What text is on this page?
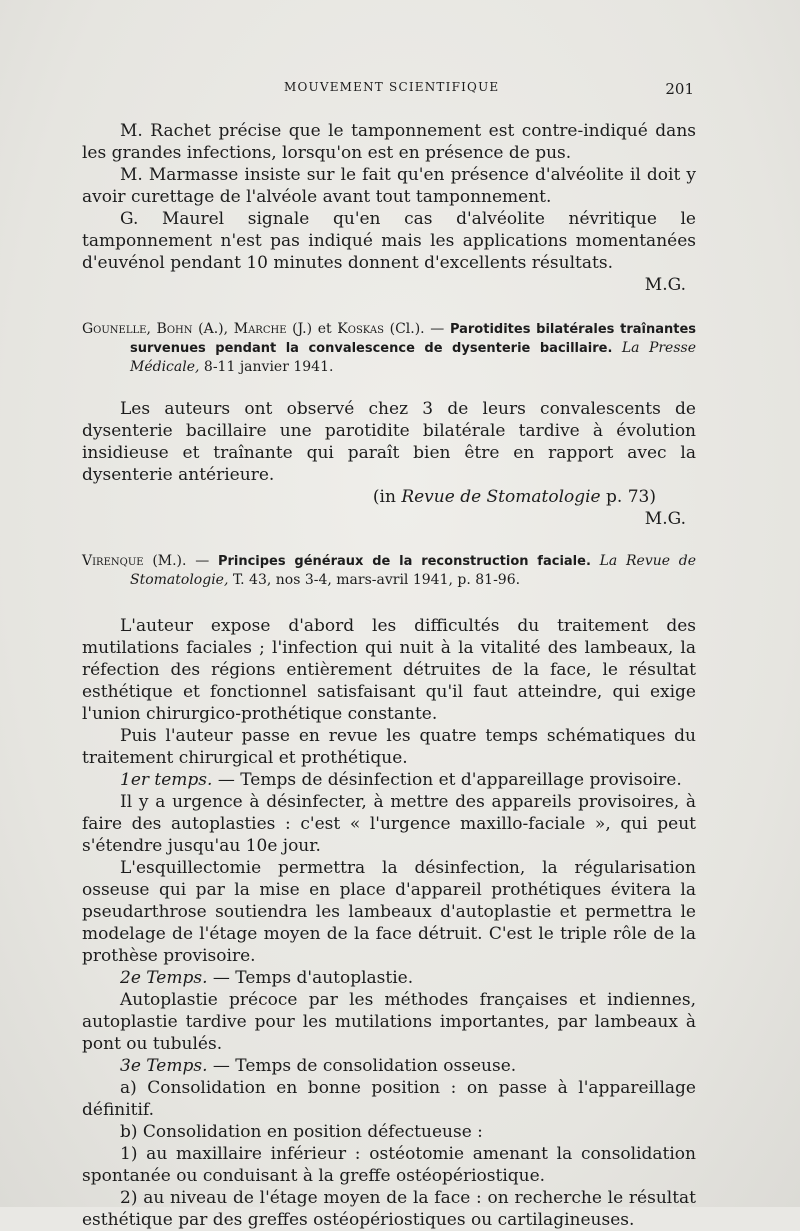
MOUVEMENT SCIENTIFIQUE	201

M. Rachet précise que le tamponnement est contre-indiqué dans les grandes infections, lorsqu'on est en présence de pus.

M. Marmasse insiste sur le fait qu'en présence d'alvéolite il doit y avoir curettage de l'alvéole avant tout tamponnement.

G. Maurel signale qu'en cas d'alvéolite névritique le tamponnement n'est pas indiqué mais les applications momentanées d'euvénol pendant 10 minutes donnent d'excellents résultats.

M.G.

Gounelle, Bohn (A.), Marche (J.) et Koskas (Cl.). — Parotidites bilatérales traînantes survenues pendant la convalescence de dysenterie bacillaire. La Presse Médicale, 8-11 janvier 1941.

Les auteurs ont observé chez 3 de leurs convalescents de dysenterie bacillaire une parotidite bilatérale tardive à évolution insidieuse et traînante qui paraît bien être en rapport avec la dysenterie antérieure.

(in Revue de Stomatologie p. 73)

M.G.

Virenque (M.). — Principes généraux de la reconstruction faciale. La Revue de Stomatologie, T. 43, nos 3-4, mars-avril 1941, p. 81-96.

L'auteur expose d'abord les difficultés du traitement des mutilations faciales ; l'infection qui nuit à la vitalité des lambeaux, la réfection des régions entièrement détruites de la face, le résultat esthétique et fonctionnel satisfaisant qu'il faut atteindre, qui exige l'union chirurgico-prothétique constante.

Puis l'auteur passe en revue les quatre temps schématiques du traitement chirurgical et prothétique.

1er temps. — Temps de désinfection et d'appareillage provisoire.

Il y a urgence à désinfecter, à mettre des appareils provisoires, à faire des autoplasties : c'est « l'urgence maxillo-faciale », qui peut s'étendre jusqu'au 10e jour.

L'esquillectomie permettra la désinfection, la régularisation osseuse qui par la mise en place d'appareil prothétiques évitera la pseudarthrose soutiendra les lambeaux d'autoplastie et permettra le modelage de l'étage moyen de la face détruit. C'est le triple rôle de la prothèse provisoire.

2e Temps. — Temps d'autoplastie.

Autoplastie précoce par les méthodes françaises et indiennes, autoplastie tardive pour les mutilations importantes, par lambeaux à pont ou tubulés.

3e Temps. — Temps de consolidation osseuse.

a) Consolidation en bonne position : on passe à l'appareillage définitif.

b) Consolidation en position défectueuse :

1) au maxillaire inférieur : ostéotomie amenant la consolidation spontanée ou conduisant à la greffe ostéopériostique.

2) au niveau de l'étage moyen de la face : on recherche le résultat esthétique par des greffes ostéopériostiques ou cartilagineuses.
